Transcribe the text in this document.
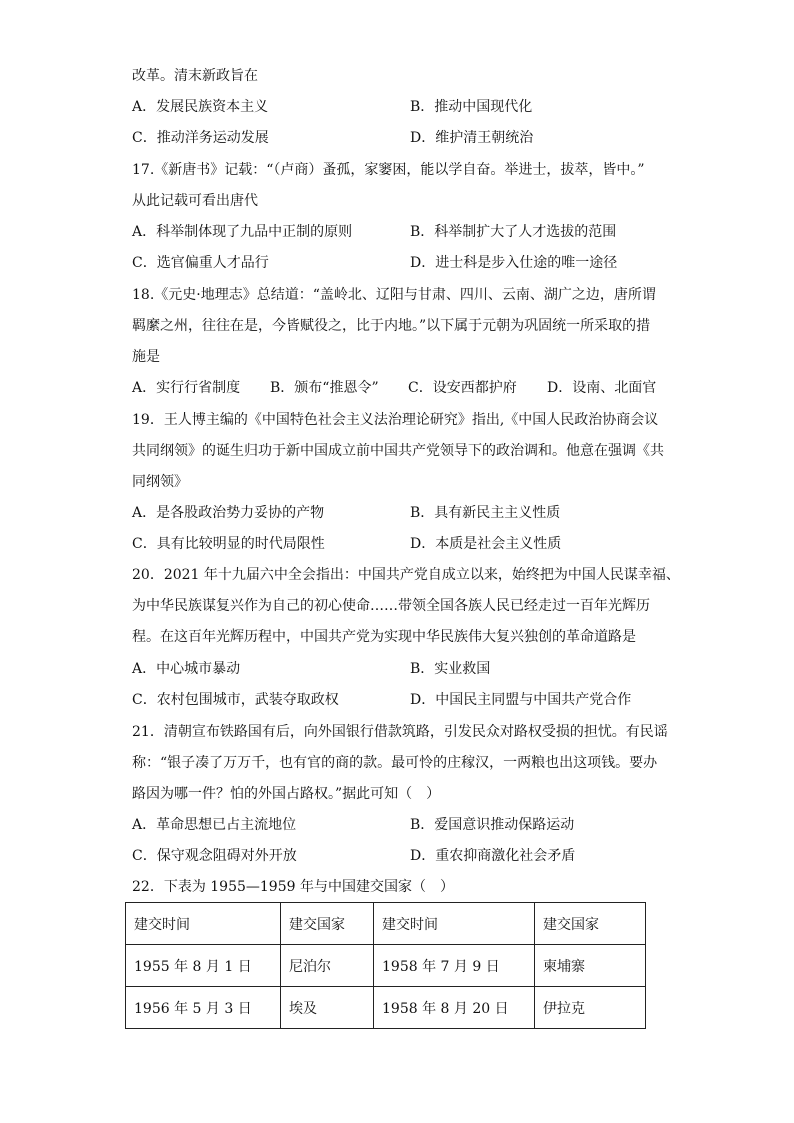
改革。清末新政旨在
A．发展民族资本主义	B．推动中国现代化
C．推动洋务运动发展	D．维护清王朝统治
17.《新唐书》记载：“（卢商）蚤孤，家窭困，能以学自奋。举进士，拔萃，皆中。”
从此记载可看出唐代
A．科举制体现了九品中正制的原则	B．科举制扩大了人才选拔的范围
C．选官偏重人才品行	D．进士科是步入仕途的唯一途径
18.《元史·地理志》总结道：“盖岭北、辽阳与甘肃、四川、云南、湖广之边，唐所谓
羁縻之州，往往在是，今皆赋役之，比于内地。”以下属于元朝为巩固统一所采取的措
施是
A．实行行省制度 B．颁布“推恩令” C．设安西都护府 D．设南、北面官
19．王人博主编的《中国特色社会主义法治理论研究》指出,《中国人民政治协商会议
共同纲领》的诞生归功于新中国成立前中国共产党领导下的政治调和。他意在强调《共
同纲领》
A．是各股政治势力妥协的产物	B．具有新民主主义性质
C．具有比较明显的时代局限性	D．本质是社会主义性质
20．2021 年十九届六中全会指出：中国共产党自成立以来，始终把为中国人民谋幸福、
为中华民族谋复兴作为自己的初心使命……带领全国各族人民已经走过一百年光辉历
程。在这百年光辉历程中，中国共产党为实现中华民族伟大复兴独创的革命道路是
A．中心城市暴动	B．实业救国
C．农村包围城市，武装夺取政权	D．中国民主同盟与中国共产党合作
21．清朝宣布铁路国有后，向外国银行借款筑路，引发民众对路权受损的担忧。有民谣
称：“银子凑了万万千，也有官的商的款。最可怜的庄稼汉，一两粮也出这项钱。要办
路因为哪一件？怕的外国占路权。”据此可知（　）
A．革命思想已占主流地位	B．爱国意识推动保路运动
C．保守观念阻碍对外开放	D．重农抑商激化社会矛盾
22．下表为 1955—1959 年与中国建交国家（　）
建交时间	建交国家	建交时间	建交国家
1955 年 8 月 1 日	尼泊尔	1958 年 7 月 9 日	柬埔寨
1956 年 5 月 3 日	埃及	1958 年 8 月 20 日	伊拉克
